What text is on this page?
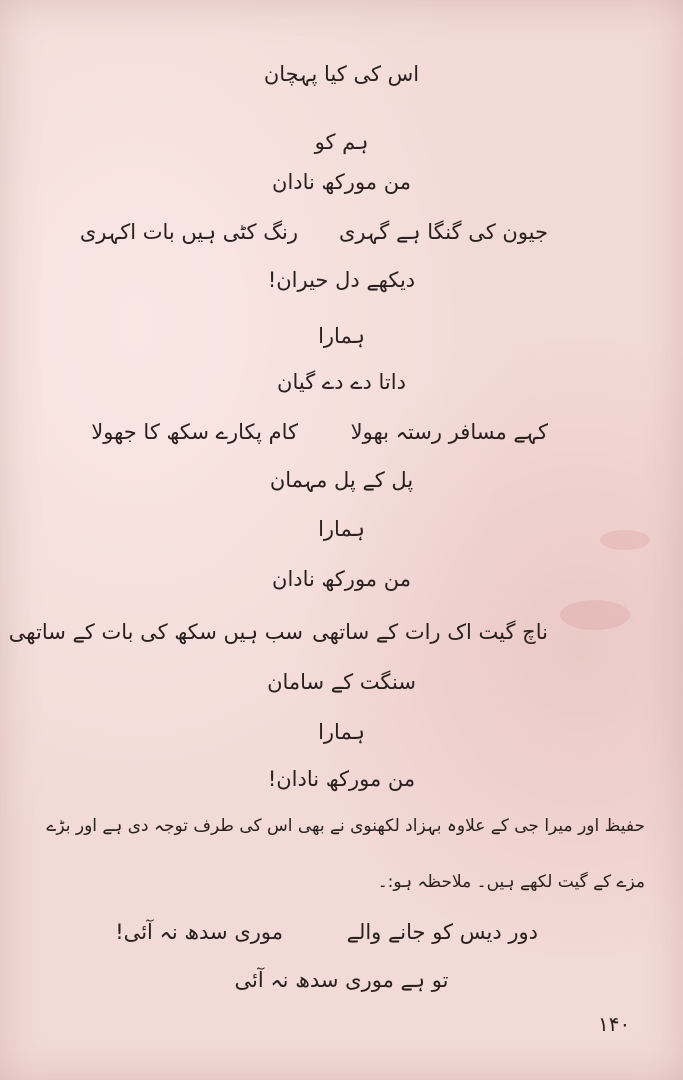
اس کی کیا پہچان
ہم کو
من مورکھ نادان
جیون کی گنگا ہے گہری
رنگ کٹی ہیں بات اکہری
دیکھے دل حیران!
ہمارا
داتا دے دے گیان
کہے مسافر رستہ بھولا
کام پکارے سکھ کا جھولا
پل کے پل مہمان
ہمارا
من مورکھ نادان
ناچ گیت اک رات کے ساتھی
سب ہیں سکھ کی بات کے ساتھی
سنگت کے سامان
ہمارا
من مورکھ نادان!
حفیظ اور میرا جی کے علاوہ بہزاد لکھنوی نے بھی اس کی طرف توجہ دی ہے اور بڑے
مزے کے گیت لکھے ہیں۔ ملاحظہ ہو:۔
دور دیس کو جانے والے
موری سدھ نہ آئی!
تو ہے موری سدھ نہ آئی
۱۴۰
